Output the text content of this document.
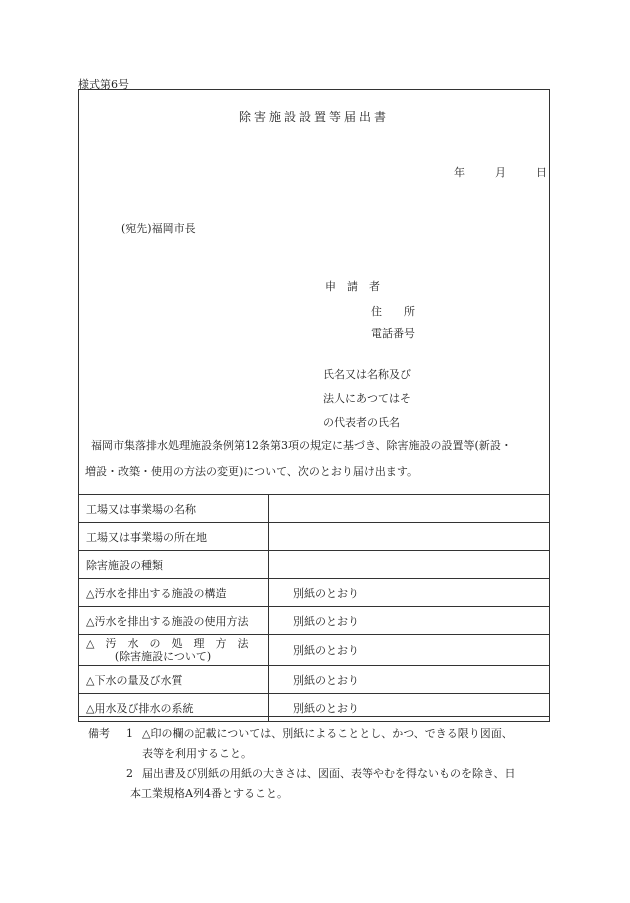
様式第6号
除害施設設置等届出書
年	月	日
(宛先)福岡市長
申　請　者
住　　所
電話番号
氏名又は名称及び
法人にあつてはそ
の代表者の氏名
福岡市集落排水処理施設条例第12条第3項の規定に基づき、除害施設の設置等(新設・
増設・改築・使用の方法の変更)について、次のとおり届け出ます。
工場又は事業場の名称	

工場又は事業場の所在地	
除害施設の種類	
△汚水を排出する施設の構造	別紙のとおり
△汚水を排出する施設の使用方法	別紙のとおり

△　汚　水　の　処　理　方　法
(除害施設について)	別紙のとおり
△下水の量及び水質	別紙のとおり
△用水及び排水の系統	別紙のとおり
備考	1 △印の欄の記載については、別紙によることとし、かつ、できる限り図面、
表等を利用すること。
2 届出書及び別紙の用紙の大きさは、図面、表等やむを得ないものを除き、日
本工業規格A列4番とすること。
